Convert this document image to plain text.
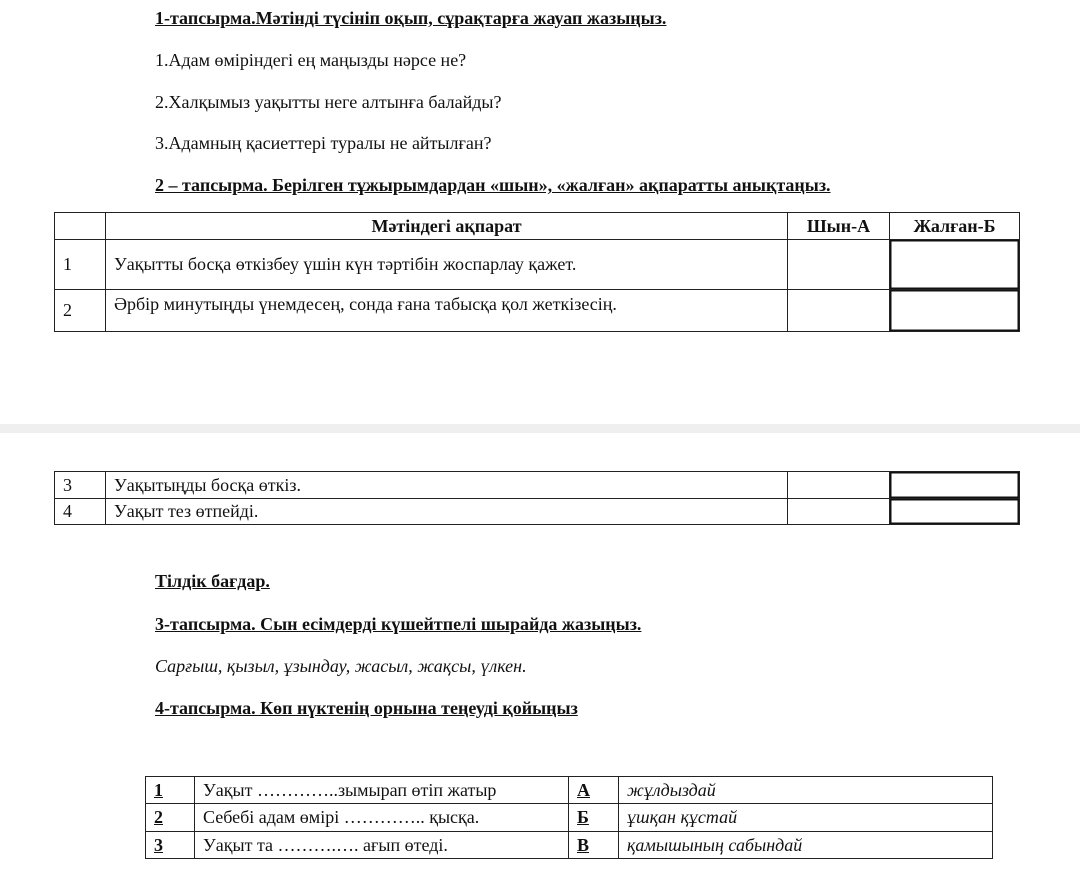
1-тапсырма.Мәтінді түсініп оқып, сұрақтарға жауап жазыңыз.
1.Адам өміріндегі ең маңызды нәрсе не?
2.Халқымыз уақытты неге алтынға балайды?
3.Адамның қасиеттері туралы не айтылған?
2 – тапсырма. Берілген тұжырымдардан «шын», «жалған» ақпаратты анықтаңыз.
	Мәтіндегі ақпарат	Шын-А	Жалған-Б
1	Уақытты босқа өткізбеу үшін күн тәртібін жоспарлау қажет.		
2	Әрбір минутыңды үнемдесең, сонда ғана табысқа қол жеткізесің.		
3	Уақытыңды босқа өткіз.		
4	Уақыт тез өтпейді.		
Тілдік бағдар.
3-тапсырма. Сын есімдерді күшейтпелі шырайда жазыңыз.
Сарғыш, қызыл, ұзындау, жасыл, жақсы, үлкен.
4-тапсырма. Көп нүктенің орнына теңеуді қойыңыз
1	Уақыт …………..зымырап өтіп жатыр	А	жұлдыздай
2	Себебі адам өмірі ………….. қысқа.	Б	ұшқан құстай
3	Уақыт та ……….…. ағып өтеді.	В	қамышының сабындай
